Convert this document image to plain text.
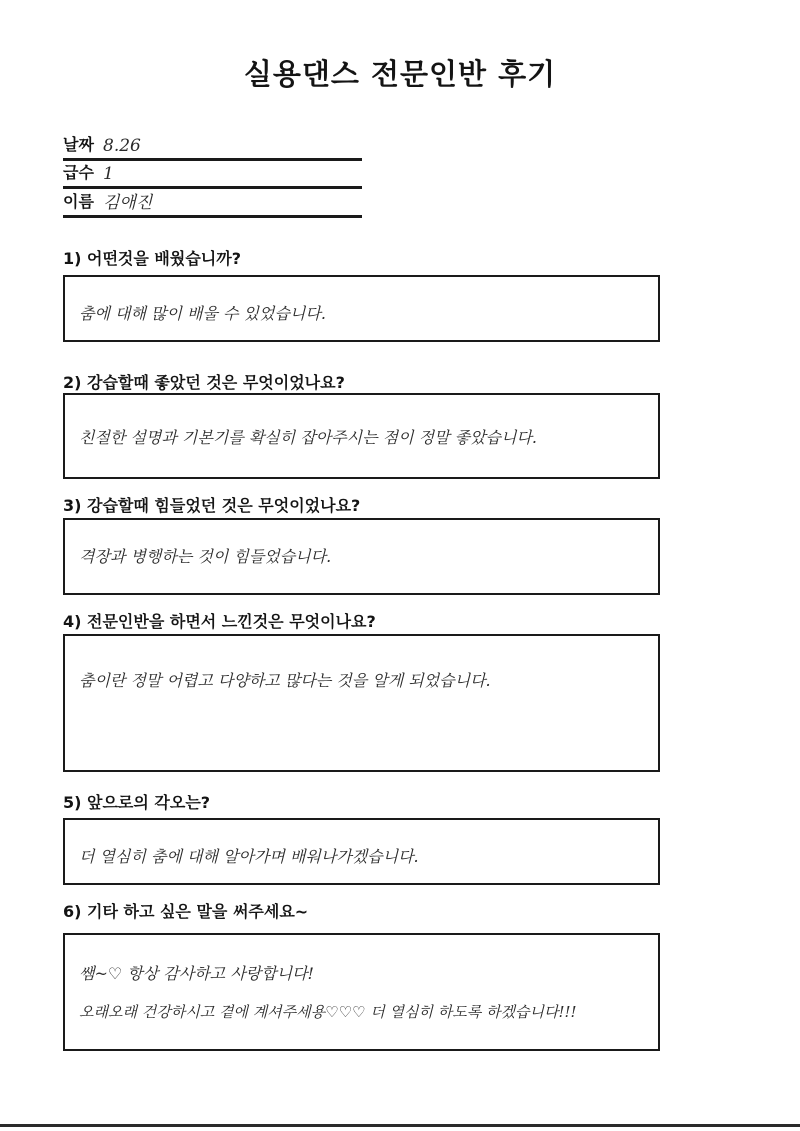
실용댄스 전문인반 후기
날짜 8.26
급수 1
이름 김애진
1) 어떤것을 배웠습니까?
춤에 대해 많이 배울 수 있었습니다.
2) 강습할때 좋았던 것은 무엇이었나요?
친절한 설명과 기본기를 확실히 잡아주시는 점이 정말 좋았습니다.
3) 강습할때 힘들었던 것은 무엇이었나요?
격장과 병행하는 것이 힘들었습니다.
4) 전문인반을 하면서 느낀것은 무엇이나요?
춤이란 정말 어렵고 다양하고 많다는 것을 알게 되었습니다.
5) 앞으로의 각오는?
더 열심히 춤에 대해 알아가며 배워나가겠습니다.
6) 기타 하고 싶은 말을 써주세요~
쌤~♡ 항상 감사하고 사랑합니다!
오래오래 건강하시고 곁에 계셔주세용♡♡♡ 더 열심히 하도록 하겠습니다!!!
